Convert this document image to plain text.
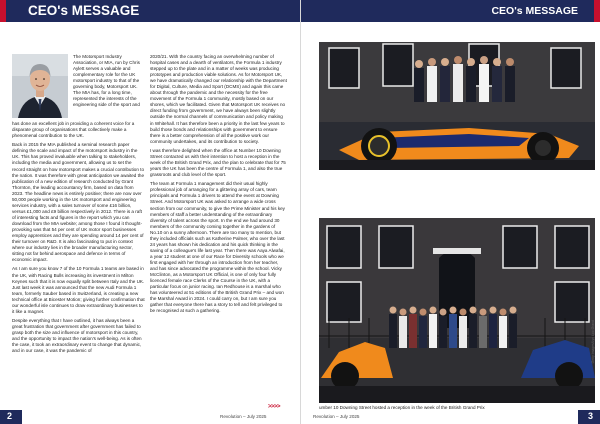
CEO's MESSAGE

The Motorsport Industry Association, or MIA, run by Chris Aylett serves a valuable and complementary role for the UK motorsport industry to that of the governing body, Motorsport UK. The MIA has, for a long time, represented the interests of the engineering side of the sport and

has done an excellent job in providing a coherent voice for a disparate group of organisations that collectively make a phenomenal contribution to the UK.

Back in 2015 the MIA published a seminal research paper defining the scale and impact of the motorsport industry in the UK. This has proved invaluable when talking to stakeholders, including the media and government, allowing us to set the record straight on how motorsport makes a crucial contribution to the nation. It was therefore with great anticipation we awaited the publication of a new edition of research conducted by Grant Thornton, the leading accountancy firm, based on data from 2023. The headline news is entirely positive; there are now over 50,000 people working in the UK motorsport and engineering services industry, with a sales turnover of some £16 billion, versus £1,000 and £9 billion respectively in 2012. There is a raft of interesting facts and figures in the report which you can download from the MIA website; among those I found it thought-provoking was that 54 per cent of UK motor sport businesses employ apprentices and they are spending around 14 per cent of their turnover on R&D. It is also fascinating to put in context where our industry lies in the broader manufacturing sector, sitting not far behind aerospace and defence in terms of economic impact.

As I am sure you know 7 of the 10 Formula 1 teams are based in the UK, with Racing Bulls increasing its investment in Milton Keynes such that it is now equally split between Italy and the UK. Just last week it was announced that the new Audi Formula 1 team, formerly Sauber based in Switzerland, is creating a new technical office at Bicester Motion; giving further confirmation that our wonderful isle continues to draw extraordinary businesses to it like a magnet.

Despite everything that I have outlined, it has always been a great frustration that government after government has failed to grasp both the size and influence of motorsport in this country, and the opportunity to impact the nation's well-being. As is often the case, it took an extraordinary event to change that dynamic, and in our case, it was the pandemic of

2020/21. With the country facing an overwhelming number of hospital cases and a dearth of ventilators, the Formula 1 industry stepped up to the plate and in a matter of weeks was producing prototypes and production viable solutions. As for Motorsport UK, we have dramatically changed our relationship with the Department for Digital, Culture, Media and Sport (DCMS) and again this came about through the pandemic and the necessity for the free movement of the Formula 1 community, mostly based on our shores, which we facilitated. Given that Motorsport UK receives no direct funding from government, we have always been slightly outside the normal channels of communication and policy making in Whitehall. It has therefore been a priority in the last few years to build those bonds and relationships with government to ensure there is a better comprehension of all the positive work our community undertakes, and its contribution to society.

I was therefore delighted when the office at Number 10 Downing Street contacted us with their intention to host a reception in the week of the British Grand Prix, and the plan to celebrate that for 75 years the UK has been the centre of Formula 1, and also the true grassroots and club level of the sport.

The team at Formula 1 management did their usual highly professional job of arranging for a glittering array of cars, team principals and Formula 1 drivers to attend the event at Downing Street. And Motorsport UK was asked to arrange a wide cross section from our community, to give the Prime Minister and his key members of staff a better understanding of the extraordinary diversity of talent across the sport. In the end we had around 30 members of the community coming together in the gardens of No.10 on a sunny afternoon. There are too many to mention, but they included officials such as Katherine Palmer, who over the last 24 years has shown his dedication and his quick thinking in the saving of a colleague's life last year. Then there was Aaya Alwafai, a year 12 student at one of our Race for Diversity schools who we first engaged with her through an introduction from her teacher, and has since advocated the programme within the school. Vicky McClinton, as a Motorsport UK Official, is one of only four fully licenced female race Clerks of the Course in the UK, with a particular focus on junior racing. Ian Redhouse is a marshal who has volunteered at 51 editions of the British Grand Prix – and won the Marshal Award in 2024. I could carry on, but I am sure you gather that everyone there has a story to tell and felt privileged to be recognised at such a gathering.

2
>>>>
Revolution – July 2025
CEO's MESSAGE
umber 10 Downing Street hosted a reception in the week of the British Grand Prix
Getty Images/Lyn Loo Grand
3
Revolution – July 2025
